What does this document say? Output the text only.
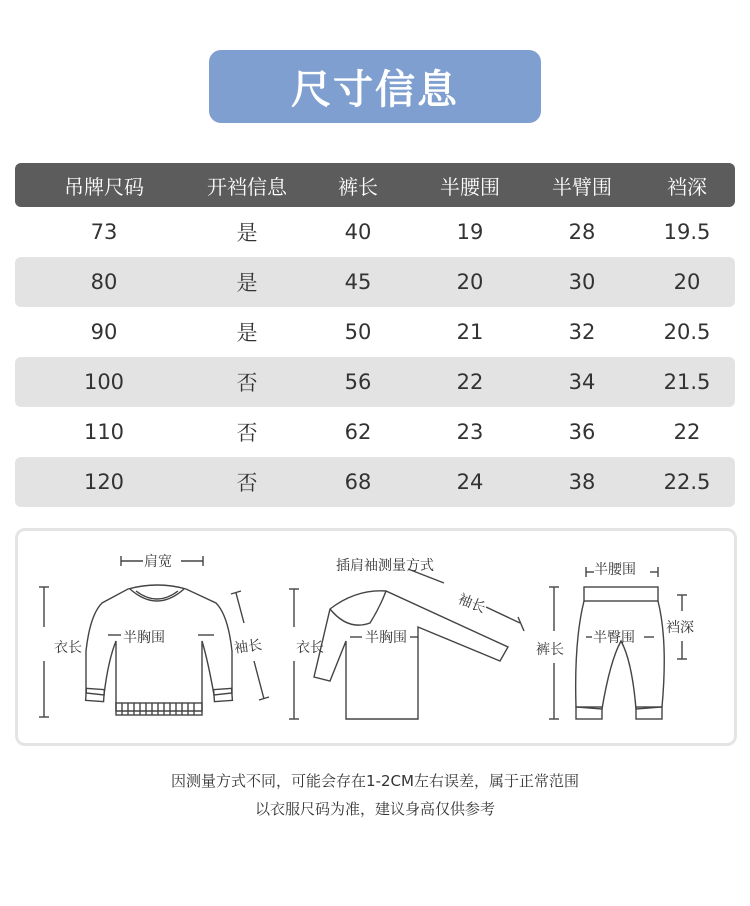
尺寸信息
吊牌尺码	开裆信息	裤长	半腰围	半臂围	裆深
73	是	40	19	28	19.5
80	是	45	20	30	20
90	是	50	21	32	20.5
100	否	56	22	34	21.5
110	否	62	23	36	22
120	否	68	24	38	22.5
肩宽
半胸围
衣长	袖长
插肩袖测量方式
半胸围
衣长
袖长
半腰围
半臀围
裤长
裆深
因测量方式不同，可能会存在1-2CM左右误差，属于正常范围
以衣服尺码为准，建议身高仅供参考
